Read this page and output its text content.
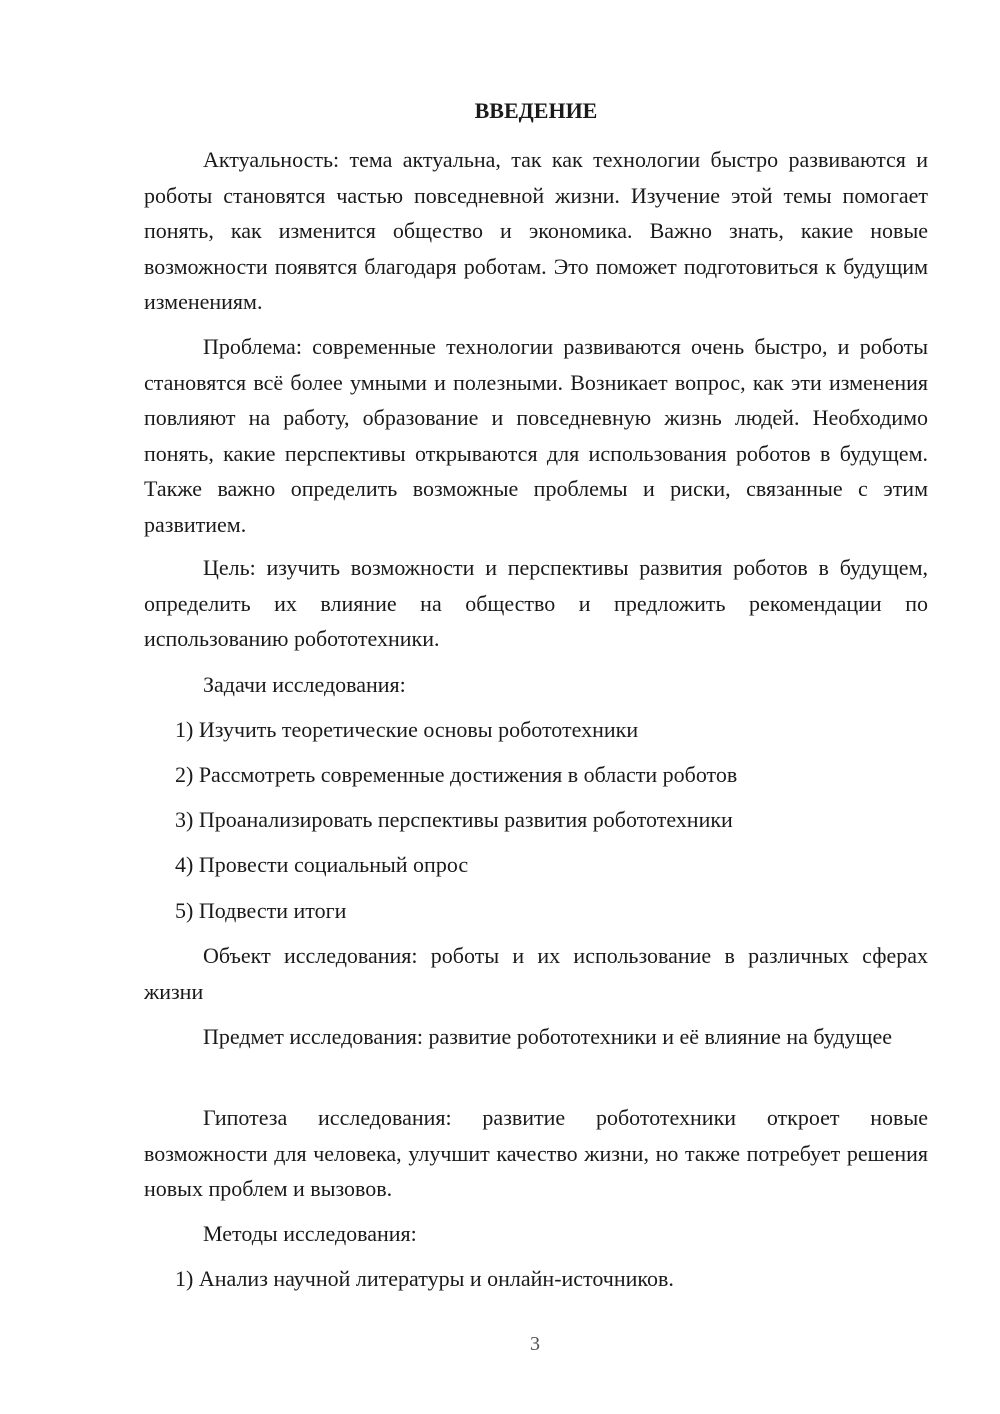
ВВЕДЕНИЕ

Актуальность: тема актуальна, так как технологии быстро развиваются и роботы становятся частью повседневной жизни. Изучение этой темы помогает понять, как изменится общество и экономика. Важно знать, какие новые возможности появятся благодаря роботам. Это поможет подготовиться к будущим изменениям.

Проблема: современные технологии развиваются очень быстро, и роботы становятся всё более умными и полезными. Возникает вопрос, как эти изменения повлияют на работу, образование и повседневную жизнь людей. Необходимо понять, какие перспективы открываются для использования роботов в будущем. Также важно определить возможные проблемы и риски, связанные с этим развитием.

Цель: изучить возможности и перспективы развития роботов в будущем, определить их влияние на общество и предложить рекомендации по использованию робототехники.

Задачи исследования:

1) Изучить теоретические основы робототехники

2) Рассмотреть современные достижения в области роботов

3) Проанализировать перспективы развития робототехники

4) Провести социальный опрос

5) Подвести итоги

Объект исследования: роботы и их использование в различных сферах жизни

Предмет исследования: развитие робототехники и её влияние на будущее

Гипотеза исследования: развитие робототехники откроет новые возможности для человека, улучшит качество жизни, но также потребует решения новых проблем и вызовов.

Методы исследования:

1) Анализ научной литературы и онлайн-источников.

3
